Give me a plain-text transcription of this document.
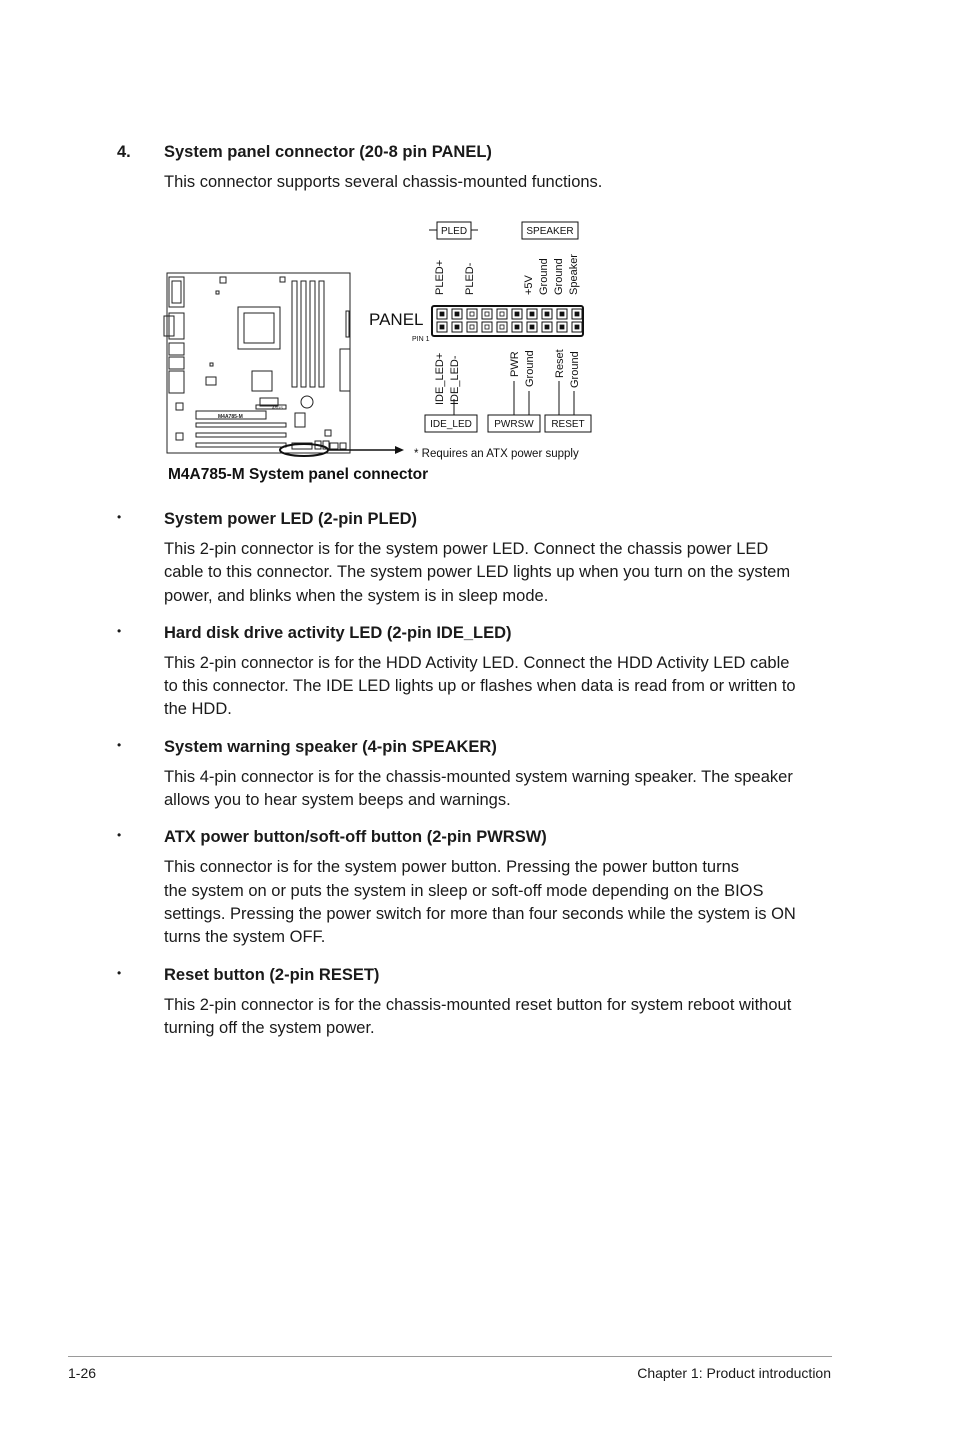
4. System panel connector (20-8 pin PANEL)
This connector supports several chassis-mounted functions.
M4A785-M
ASUS
PANEL
PIN 1
PLED	SPEAKER
PLED+ PLED-	+5V Ground Ground Speaker
IDE_LED+ IDE_LED-	PWR Ground Reset Ground
IDE_LED PWRSW RESET
* Requires an ATX power supply
M4A785-M System panel connector
•	System power LED (2-pin PLED)
This 2-pin connector is for the system power LED. Connect the chassis power LED
cable to this connector. The system power LED lights up when you turn on the system
power, and blinks when the system is in sleep mode.
•	Hard disk drive activity LED (2-pin IDE_LED)
This 2-pin connector is for the HDD Activity LED. Connect the HDD Activity LED cable
to this connector. The IDE LED lights up or flashes when data is read from or written to
the HDD.
•	System warning speaker (4-pin SPEAKER)
This 4-pin connector is for the chassis-mounted system warning speaker. The speaker
allows you to hear system beeps and warnings.
•	ATX power button/soft-off button (2-pin PWRSW)
This connector is for the system power button. Pressing the power button turns
the system on or puts the system in sleep or soft-off mode depending on the BIOS
settings. Pressing the power switch for more than four seconds while the system is ON
turns the system OFF.
•	Reset button (2-pin RESET)
This 2-pin connector is for the chassis-mounted reset button for system reboot without
turning off the system power.
1-26	Chapter 1: Product introduction
